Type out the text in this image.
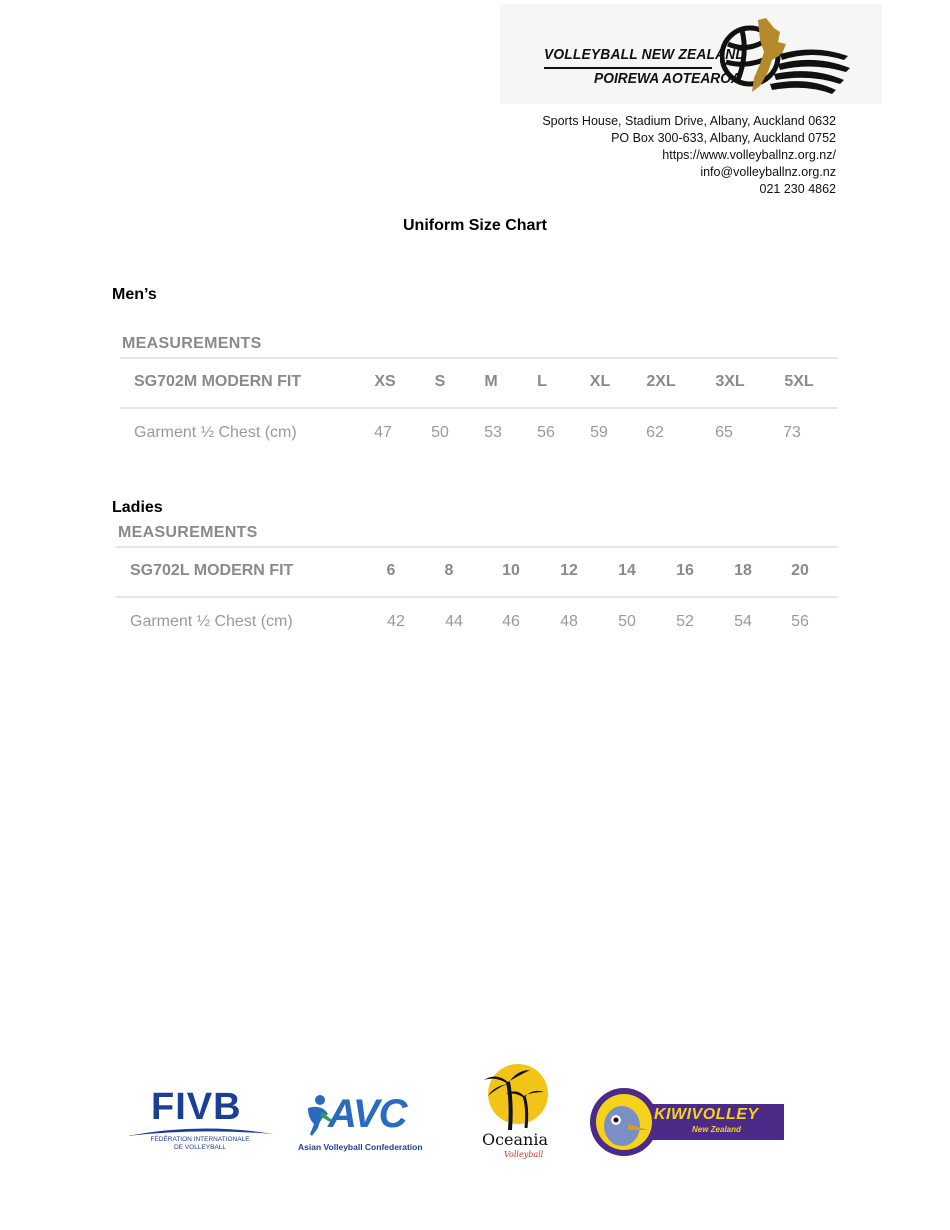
VOLLEYBALL NEW ZEALAND
POIREWA AOTEAROA
Sports House, Stadium Drive, Albany, Auckland 0632
PO Box 300-633, Albany, Auckland 0752
https://www.volleyballnz.org.nz/
info@volleyballnz.org.nz
021 230 4862
Uniform Size Chart
Men’s
MEASUREMENTS
SG702M MODERN FIT	XS	S	M	L	XL	2XL	3XL	5XL
Garment ½ Chest (cm)	47	50	53	56	59	62	65	73
Ladies
MEASUREMENTS
SG702L MODERN FIT	6	8	10	12	14	16	18	20
Garment ½ Chest (cm)	42	44	46	48	50	52	54	56
FIVB
FÉDÉRATION INTERNATIONALE
DE VOLLEYBALL
AVC
Asian Volleyball Confederation	Oceania
Volleyball
KIWIVOLLEY
New Zealand
